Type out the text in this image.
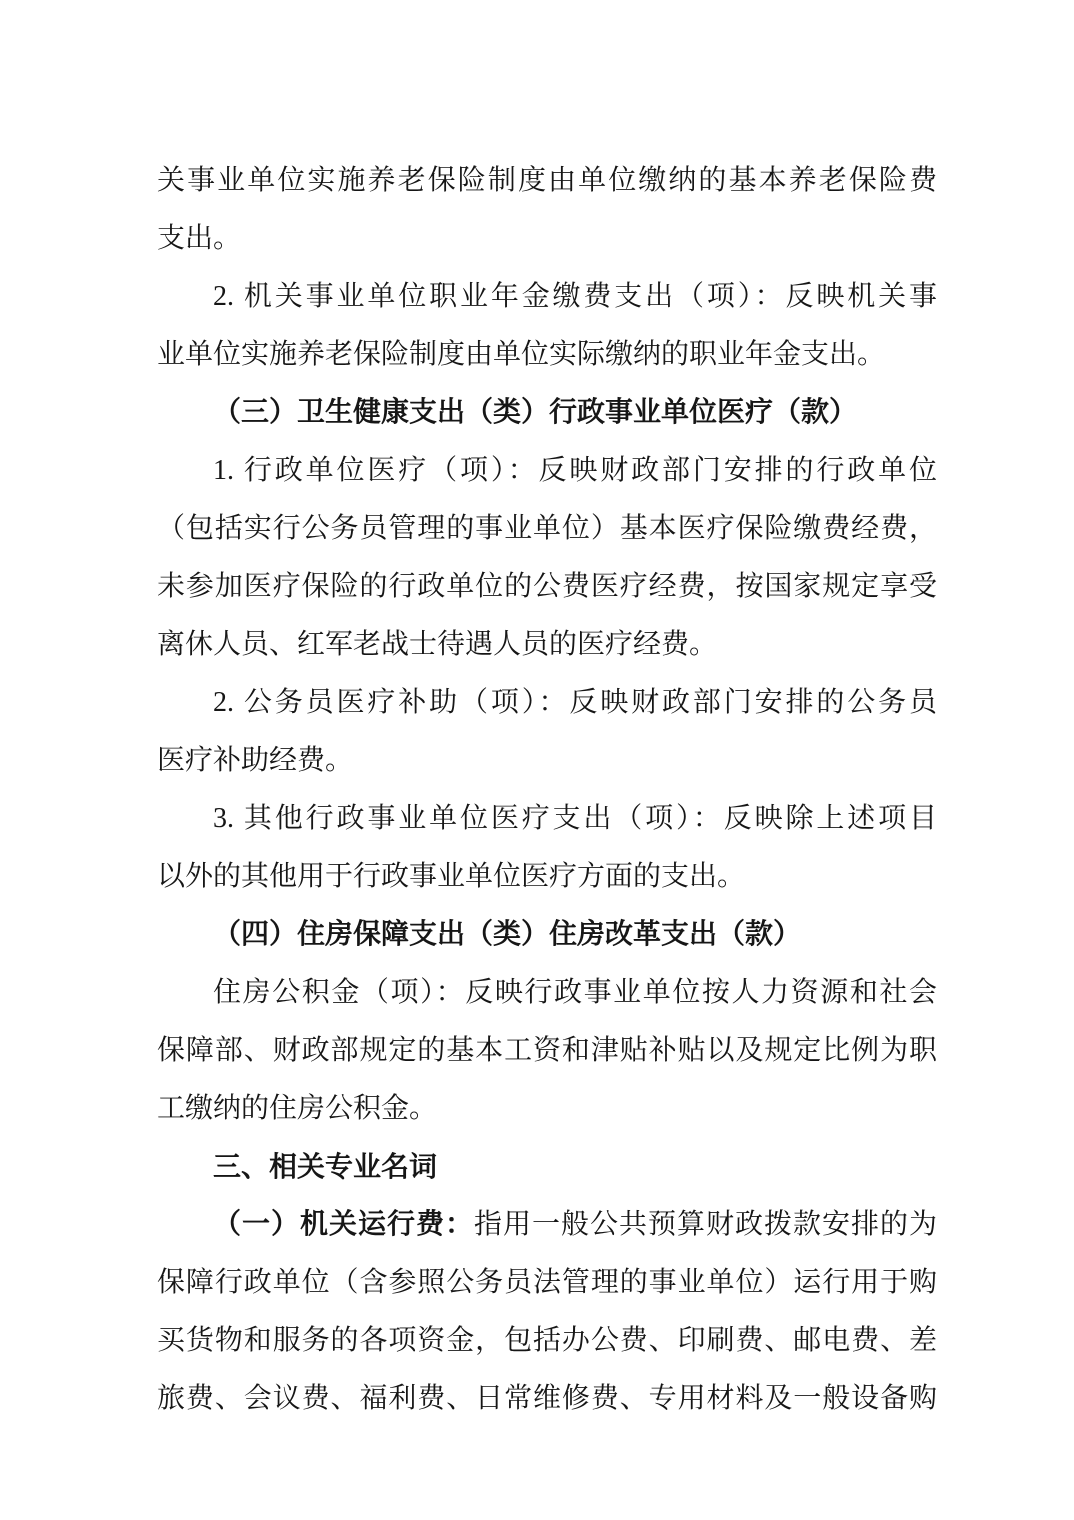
关事业单位实施养老保险制度由单位缴纳的基本养老保险费
支出。
2. 机关事业单位职业年金缴费支出（项）：反映机关事
业单位实施养老保险制度由单位实际缴纳的职业年金支出。
（三）卫生健康支出（类）行政事业单位医疗（款）
1. 行政单位医疗（项）：反映财政部门安排的行政单位
（包括实行公务员管理的事业单位）基本医疗保险缴费经费，
未参加医疗保险的行政单位的公费医疗经费，按国家规定享受
离休人员、红军老战士待遇人员的医疗经费。
2. 公务员医疗补助（项）：反映财政部门安排的公务员
医疗补助经费。
3. 其他行政事业单位医疗支出（项）：反映除上述项目
以外的其他用于行政事业单位医疗方面的支出。
（四）住房保障支出（类）住房改革支出（款）
住房公积金（项）：反映行政事业单位按人力资源和社会
保障部、财政部规定的基本工资和津贴补贴以及规定比例为职
工缴纳的住房公积金。
三、相关专业名词
（一）机关运行费：指用一般公共预算财政拨款安排的为
保障行政单位（含参照公务员法管理的事业单位）运行用于购
买货物和服务的各项资金，包括办公费、印刷费、邮电费、差
旅费、会议费、福利费、日常维修费、专用材料及一般设备购
